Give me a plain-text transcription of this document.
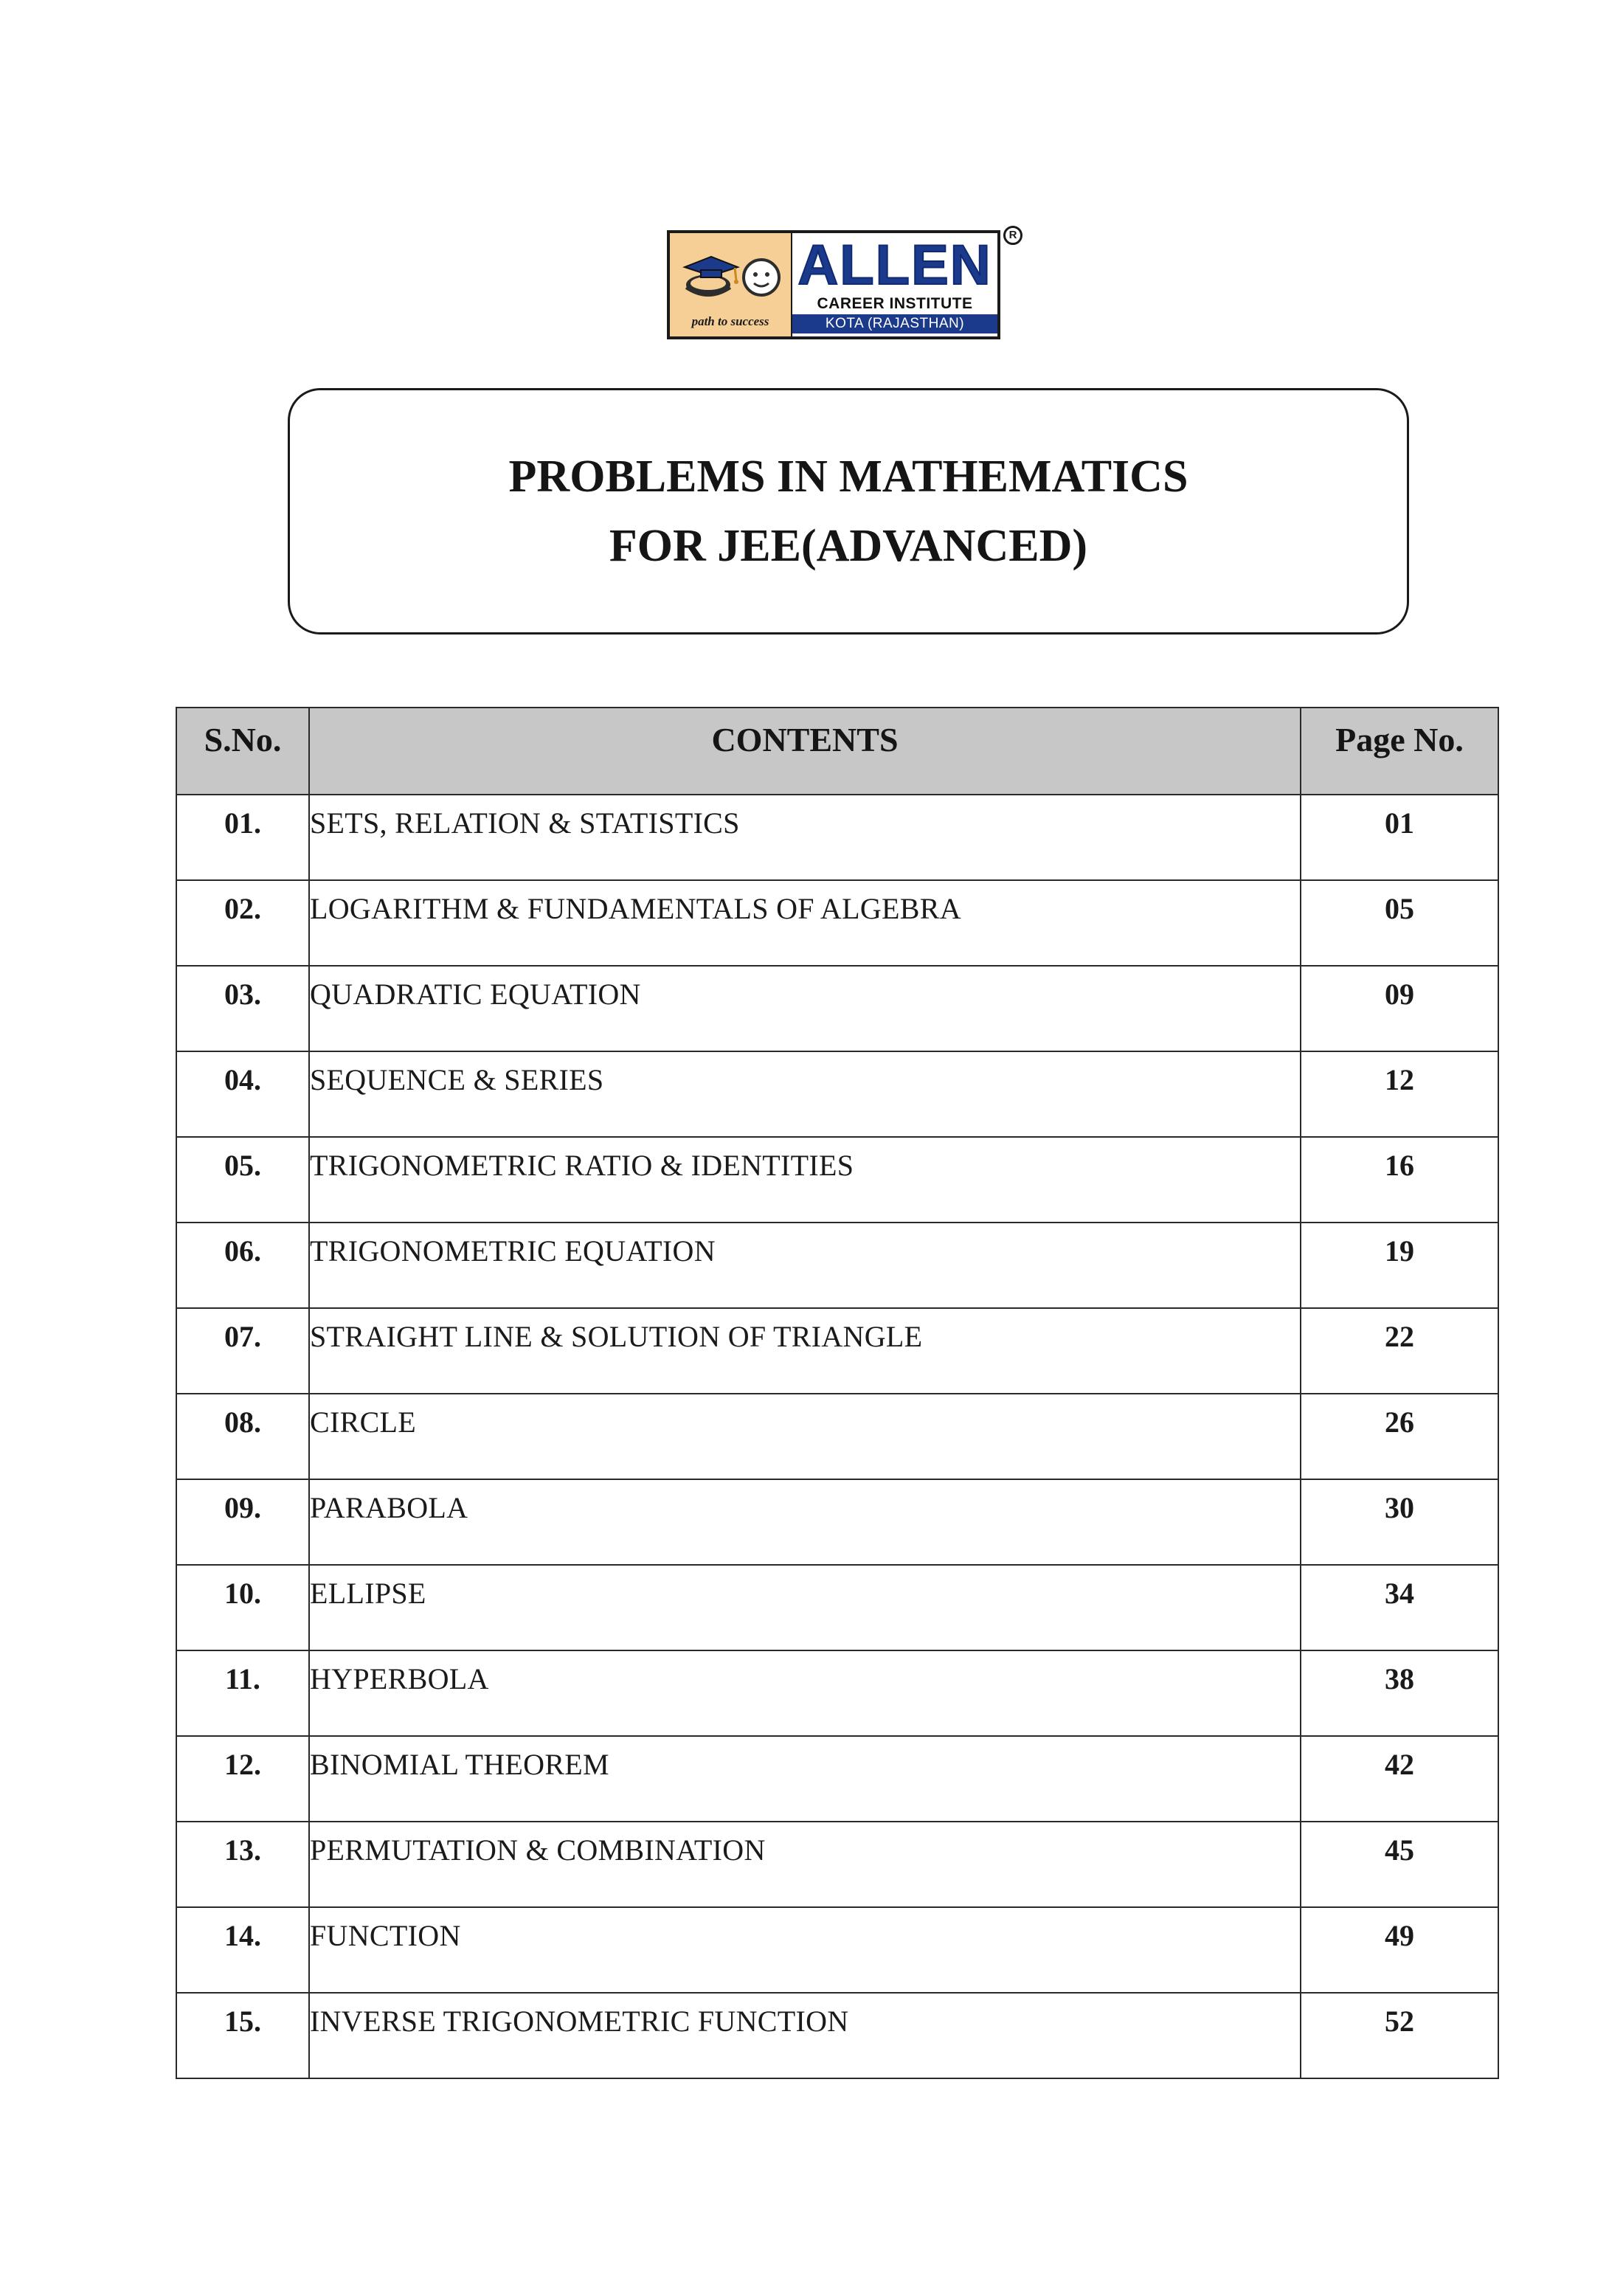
path to success
ALLEN
CAREER INSTITUTE
KOTA (RAJASTHAN)
R
PROBLEMS IN MATHEMATICS
FOR JEE(ADVANCED)
S.No.	CONTENTS	Page No.
01.	SETS, RELATION & STATISTICS	01
02.	LOGARITHM & FUNDAMENTALS OF ALGEBRA	05
03.	QUADRATIC EQUATION	09
04.	SEQUENCE & SERIES	12
05.	TRIGONOMETRIC RATIO & IDENTITIES	16
06.	TRIGONOMETRIC EQUATION	19
07.	STRAIGHT LINE & SOLUTION OF TRIANGLE	22
08.	CIRCLE	26
09.	PARABOLA	30
10.	ELLIPSE	34
11.	HYPERBOLA	38
12.	BINOMIAL THEOREM	42
13.	PERMUTATION & COMBINATION	45
14.	FUNCTION	49
15.	INVERSE TRIGONOMETRIC FUNCTION	52
